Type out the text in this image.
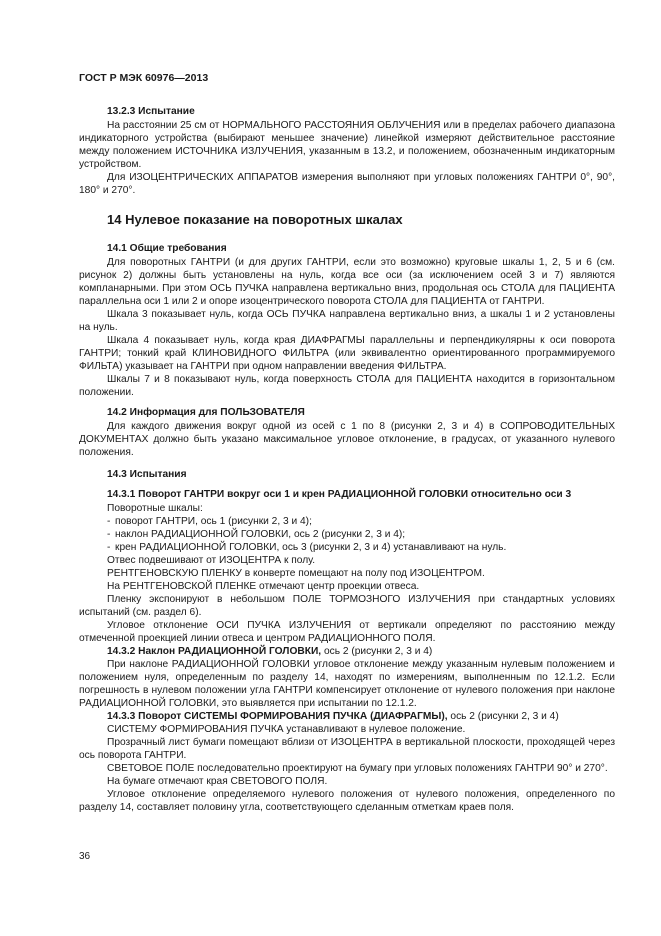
ГОСТ Р МЭК 60976—2013
13.2.3 Испытание

На расстоянии 25 см от НОРМАЛЬНОГО РАССТОЯНИЯ ОБЛУЧЕНИЯ или в пределах рабочего диапазона индикаторного устройства (выбирают меньшее значение) линейкой измеряют действительное расстояние между положением ИСТОЧНИКА ИЗЛУЧЕНИЯ, указанным в 13.2, и положением, обозначенным индикаторным устройством.

Для ИЗОЦЕНТРИЧЕСКИХ АППАРАТОВ измерения выполняют при угловых положениях ГАНТРИ 0°, 90°, 180° и 270°.

14 Нулевое показание на поворотных шкалах
14.1 Общие требования

Для поворотных ГАНТРИ (и для других ГАНТРИ, если это возможно) круговые шкалы 1, 2, 5 и 6 (см. рисунок 2) должны быть установлены на нуль, когда все оси (за исключением осей 3 и 7) являются компланарными. При этом ОСЬ ПУЧКА направлена вертикально вниз, продольная ось СТОЛА для ПАЦИЕНТА параллельна оси 1 или 2 и опоре изоцентрического поворота СТОЛА для ПАЦИЕНТА от ГАНТРИ.

Шкала 3 показывает нуль, когда ОСЬ ПУЧКА направлена вертикально вниз, а шкалы 1 и 2 установлены на нуль.

Шкала 4 показывает нуль, когда края ДИАФРАГМЫ параллельны и перпендикулярны к оси поворота ГАНТРИ; тонкий край КЛИНОВИДНОГО ФИЛЬТРА (или эквивалентно ориентированного программируемого ФИЛЬТА) указывает на ГАНТРИ при одном направлении введения ФИЛЬТРА.

Шкалы 7 и 8 показывают нуль, когда поверхность СТОЛА для ПАЦИЕНТА находится в горизонтальном положении.

14.2 Информация для ПОЛЬЗОВАТЕЛЯ

Для каждого движения вокруг одной из осей с 1 по 8 (рисунки 2, 3 и 4) в СОПРОВОДИТЕЛЬНЫХ ДОКУМЕНТАХ должно быть указано максимальное угловое отклонение, в градусах, от указанного нулевого положения.

14.3 Испытания
14.3.1 Поворот ГАНТРИ вокруг оси 1 и крен РАДИАЦИОННОЙ ГОЛОВКИ относительно оси 3

Поворотные шкалы:

- поворот ГАНТРИ, ось 1 (рисунки 2, 3 и 4);
- наклон РАДИАЦИОННОЙ ГОЛОВКИ, ось 2 (рисунки 2, 3 и 4);
- крен РАДИАЦИОННОЙ ГОЛОВКИ, ось 3 (рисунки 2, 3 и 4) устанавливают на нуль.

Отвес подвешивают от ИЗОЦЕНТРА к полу.

РЕНТГЕНОВСКУЮ ПЛЕНКУ в конверте помещают на полу под ИЗОЦЕНТРОМ.

На РЕНТГЕНОВСКОЙ ПЛЕНКЕ отмечают центр проекции отвеса.

Пленку экспонируют в небольшом ПОЛЕ ТОРМОЗНОГО ИЗЛУЧЕНИЯ при стандартных условиях испытаний (см. раздел 6).

Угловое отклонение ОСИ ПУЧКА ИЗЛУЧЕНИЯ от вертикали определяют по расстоянию между отмеченной проекцией линии отвеса и центром РАДИАЦИОННОГО ПОЛЯ.

14.3.2 Наклон РАДИАЦИОННОЙ ГОЛОВКИ, ось 2 (рисунки 2, 3 и 4)

При наклоне РАДИАЦИОННОЙ ГОЛОВКИ угловое отклонение между указанным нулевым положением и положением нуля, определенным по разделу 14, находят по измерениям, выполненным по 12.1.2. Если погрешность в нулевом положении угла ГАНТРИ компенсирует отклонение от нулевого положения при наклоне РАДИАЦИОННОЙ ГОЛОВКИ, это выявляется при испытании по 12.1.2.

14.3.3 Поворот СИСТЕМЫ ФОРМИРОВАНИЯ ПУЧКА (ДИАФРАГМЫ), ось 2 (рисунки 2, 3 и 4)

СИСТЕМУ ФОРМИРОВАНИЯ ПУЧКА устанавливают в нулевое положение.

Прозрачный лист бумаги помещают вблизи от ИЗОЦЕНТРА в вертикальной плоскости, проходящей через ось поворота ГАНТРИ.

СВЕТОВОЕ ПОЛЕ последовательно проектируют на бумагу при угловых положениях ГАНТРИ 90° и 270°.

На бумаге отмечают края СВЕТОВОГО ПОЛЯ.

Угловое отклонение определяемого нулевого положения от нулевого положения, определенного по разделу 14, составляет половину угла, соответствующего сделанным отметкам краев поля.

36
